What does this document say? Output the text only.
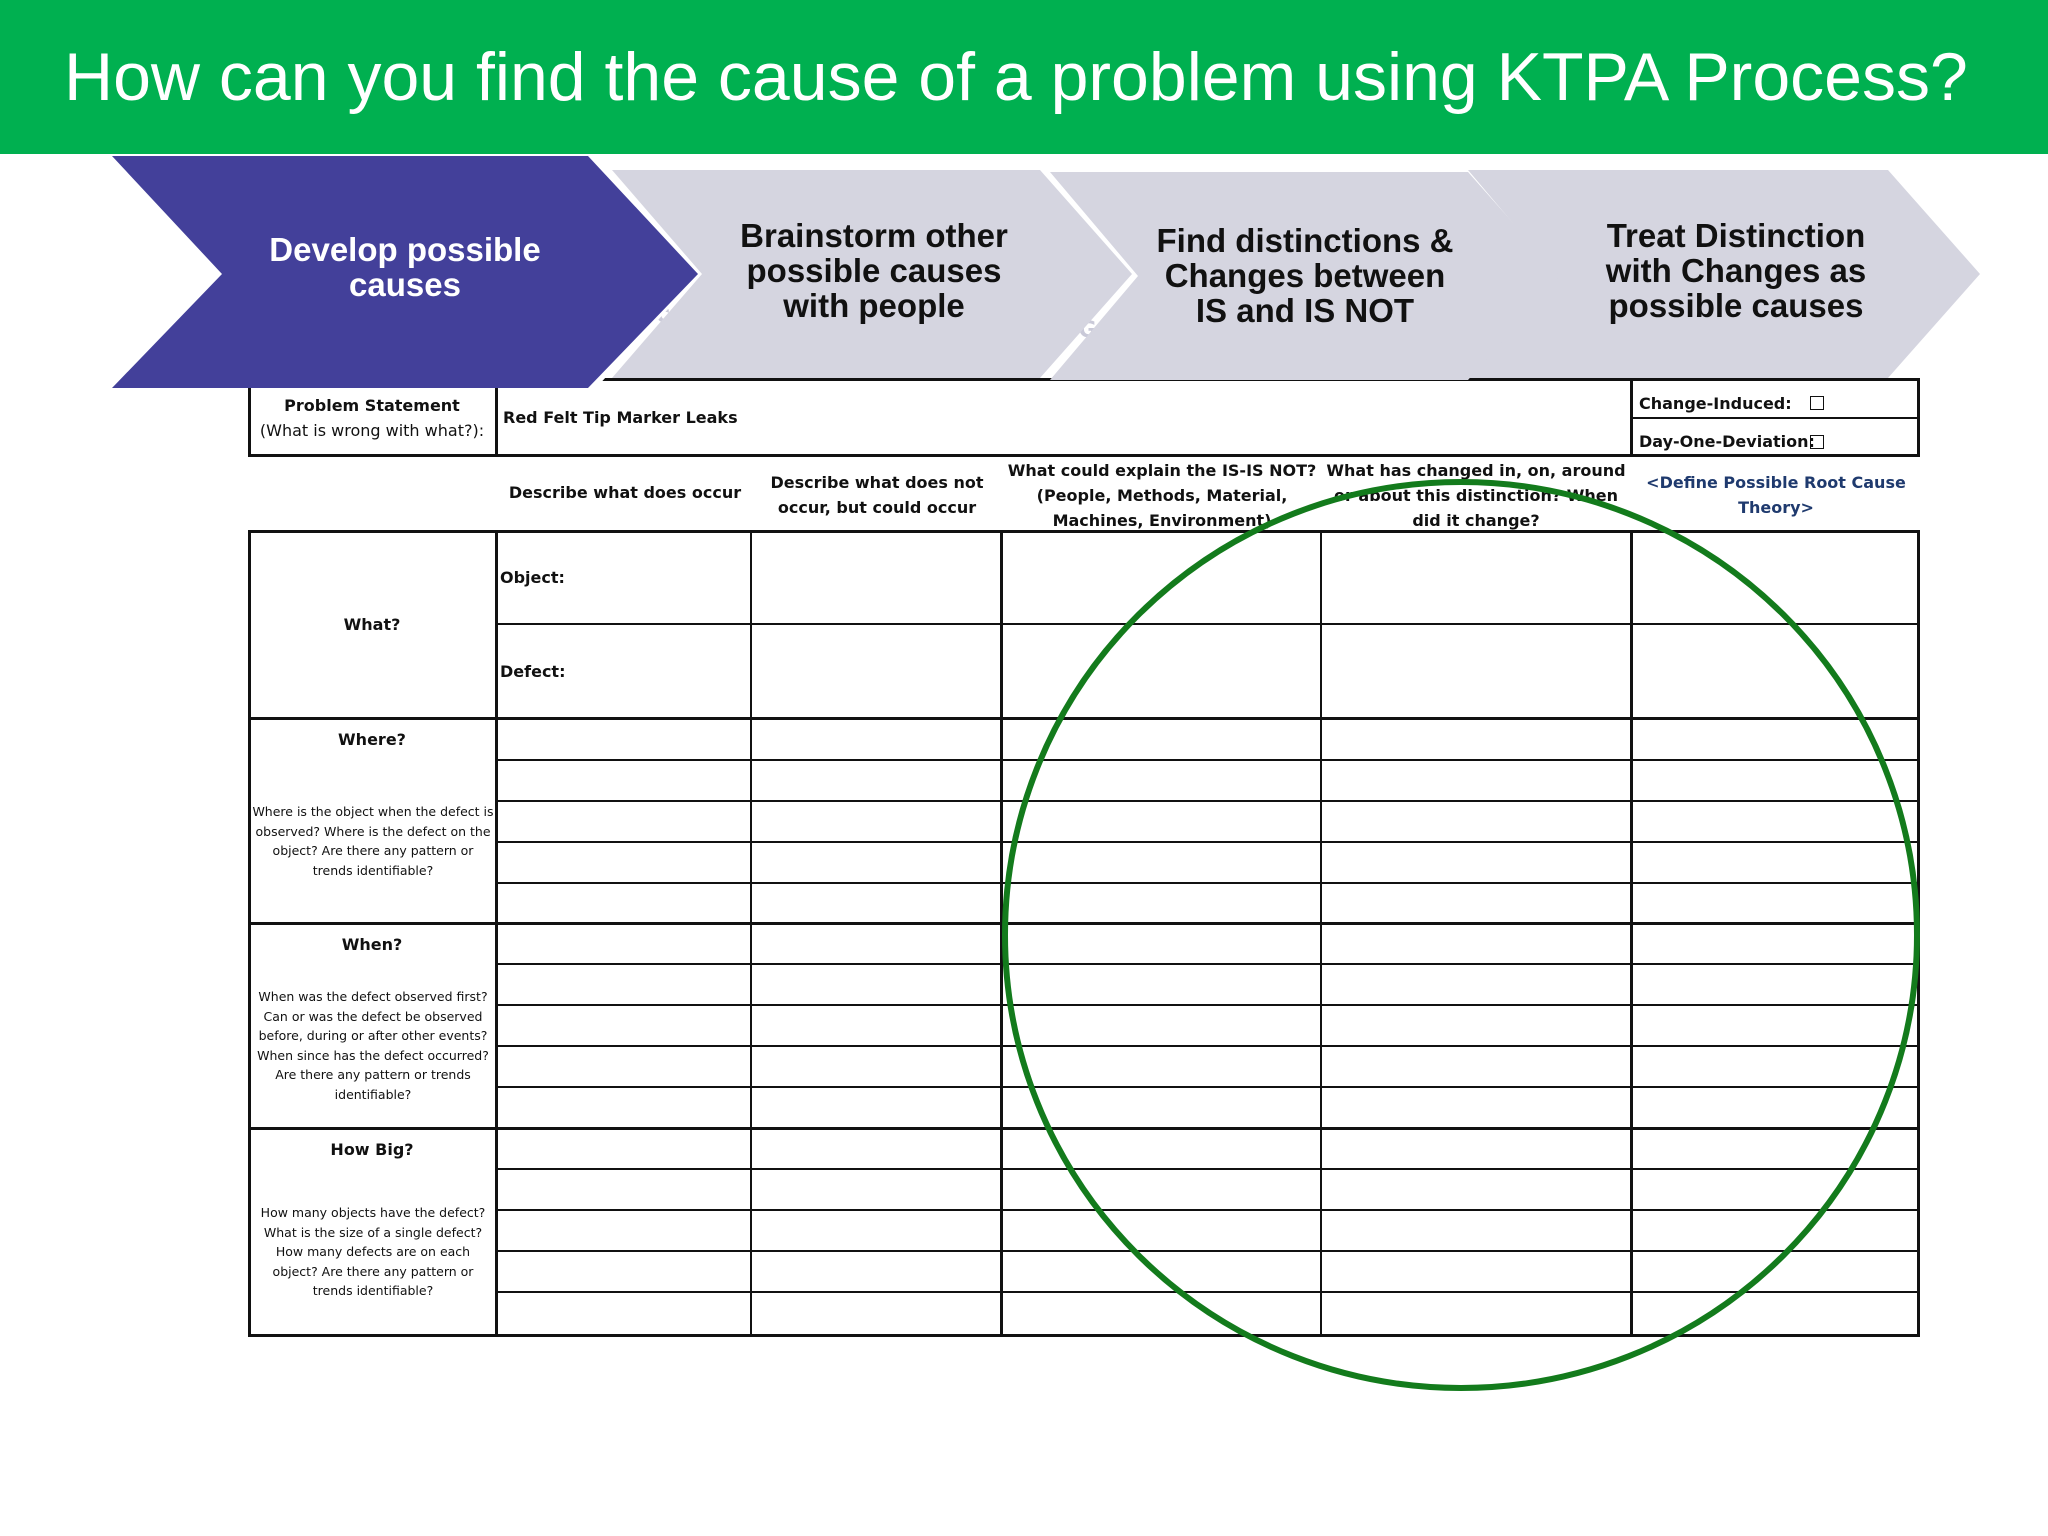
How can you find the cause of a problem using KTPA Process?
Problem Statement
(What is wrong with what?):
Red Felt Tip Marker Leaks
Change-Induced:
Day-One-Deviation:
Describe what does occur
Describe what does not occur, but could occur
What could explain the IS-IS NOT? (People, Methods, Material, Machines, Environment)
What has changed in, on, around or about this distinction? When did it change?
<Define Possible Root Cause Theory>
What?
Object:
Defect:
Where?
Where is the object when the defect is observed? Where is the defect on the object? Are there any pattern or trends identifiable?
When?
When was the defect observed first? Can or was the defect be observed before, during or after other events? When since has the defect occurred? Are there any pattern or trends identifiable?
How Big?
How many objects have the defect? What is the size of a single defect? How many defects are on each object? Are there any pattern or trends identifiable?
Treat Distinction with Changes as possible causes
Find distinctions & Changes between IS and IS NOT
Brainstorm other possible causes with people
Develop possible causes
